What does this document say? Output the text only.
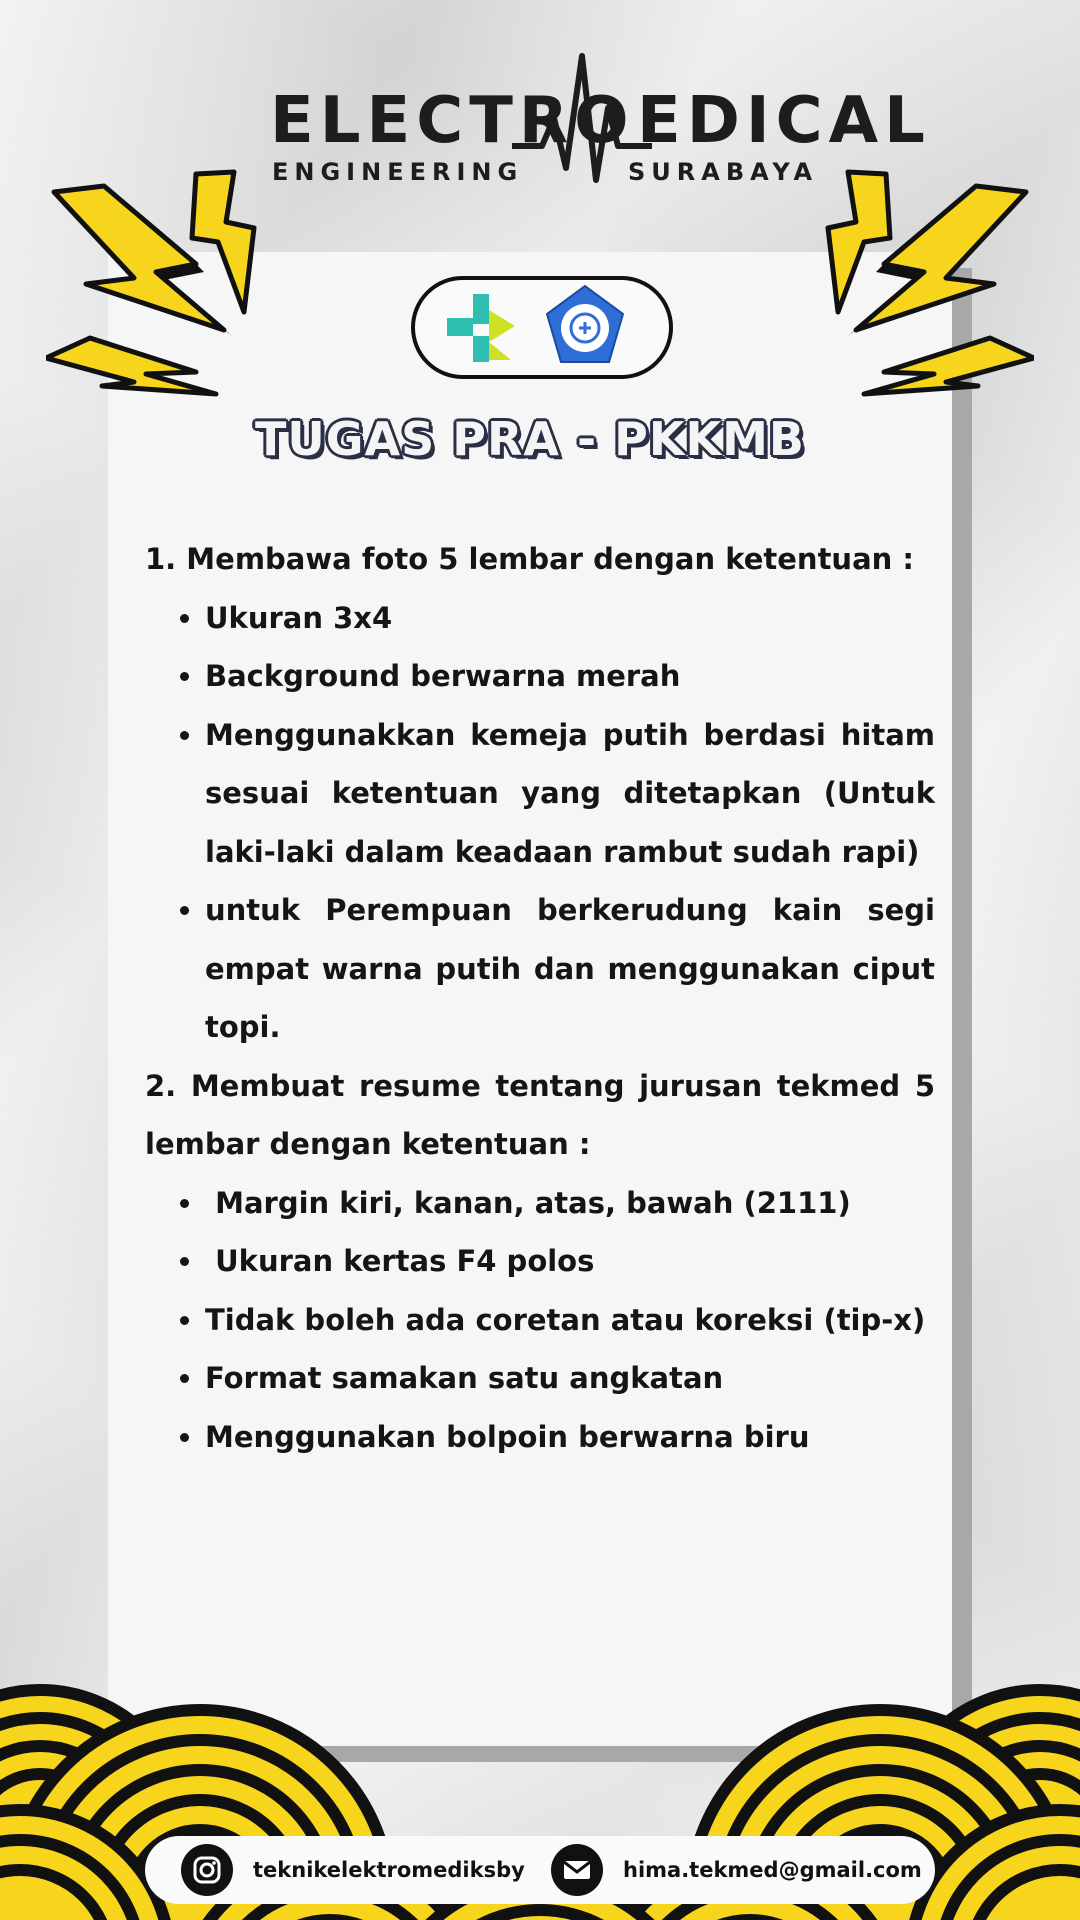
ELECTRO EDICAL
ENGINEERING	SURABAYA
TUGAS PRA - PKKMB

1. Membawa foto 5 lembar dengan ketentuan :

• Ukuran 3x4
• Background berwarna merah
• Menggunakkan kemeja putih berdasi hitam sesuai ketentuan yang ditetapkan (Untuk laki-laki dalam keadaan rambut sudah rapi)
• untuk Perempuan berkerudung kain segi empat warna putih dan menggunakan ciput topi.

2. Membuat resume tentang jurusan tekmed 5 lembar dengan ketentuan :

•  Margin kiri, kanan, atas, bawah (2111)
•  Ukuran kertas F4 polos
• Tidak boleh ada coretan atau koreksi (tip-x)
• Format samakan satu angkatan
• Menggunakan bolpoin berwarna biru
teknikelektromediksby	hima.tekmed@gmail.com
